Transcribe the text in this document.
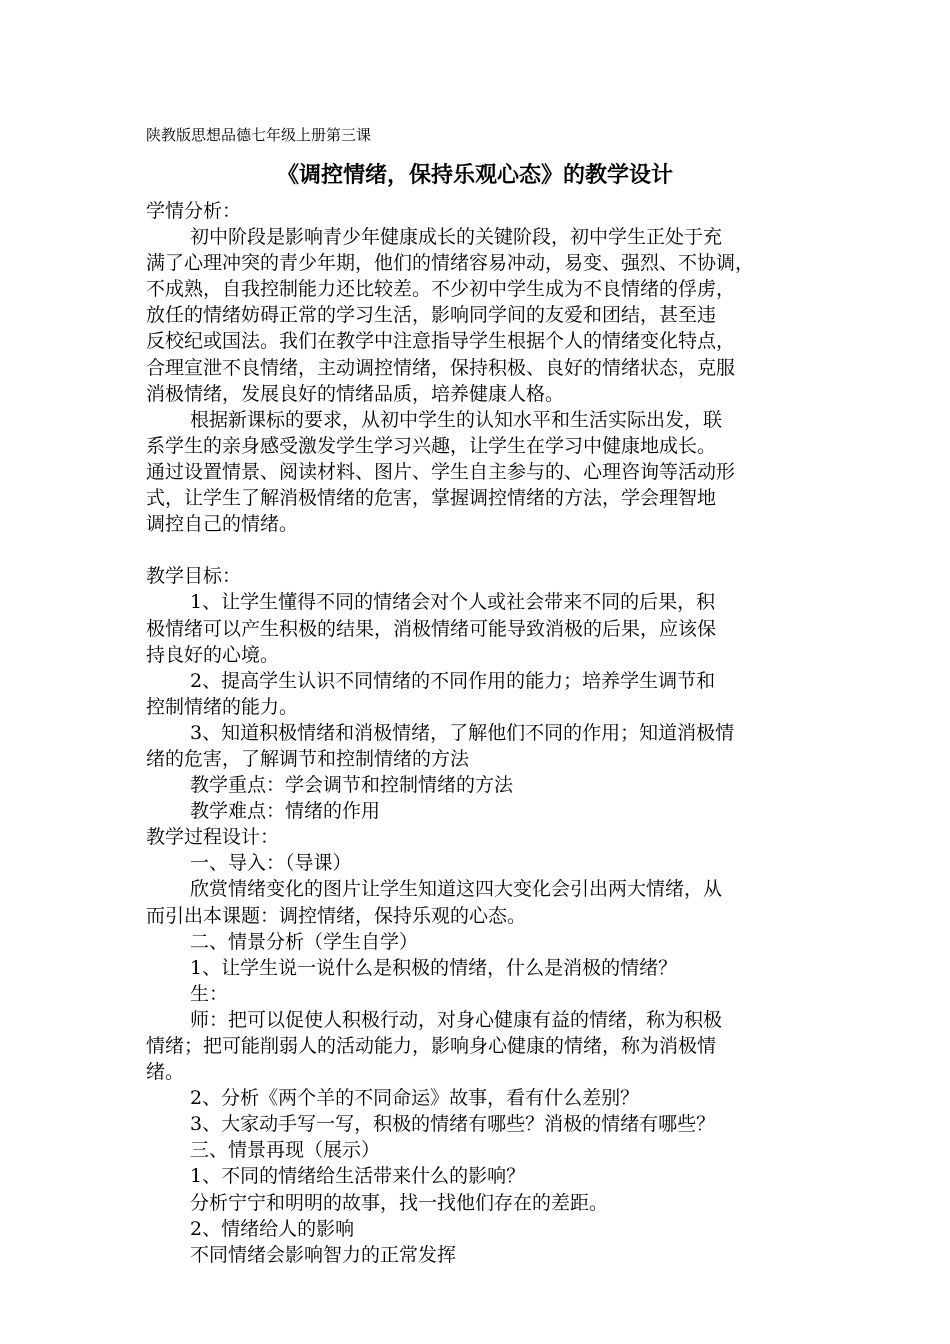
陕教版思想品德七年级上册第三课
《调控情绪，保持乐观心态》的教学设计
学情分析：
初中阶段是影响青少年健康成长的关键阶段，初中学生正处于充
满了心理冲突的青少年期，他们的情绪容易冲动，易变、强烈、不协调，
不成熟，自我控制能力还比较差。不少初中学生成为不良情绪的俘虏，
放任的情绪妨碍正常的学习生活，影响同学间的友爱和团结，甚至违
反校纪或国法。我们在教学中注意指导学生根据个人的情绪变化特点，
合理宣泄不良情绪，主动调控情绪，保持积极、良好的情绪状态，克服
消极情绪，发展良好的情绪品质，培养健康人格。
根据新课标的要求，从初中学生的认知水平和生活实际出发，联
系学生的亲身感受激发学生学习兴趣，让学生在学习中健康地成长。
通过设置情景、阅读材料、图片、学生自主参与的、心理咨询等活动形
式，让学生了解消极情绪的危害，掌握调控情绪的方法，学会理智地
调控自己的情绪。
教学目标：
1、让学生懂得不同的情绪会对个人或社会带来不同的后果，积
极情绪可以产生积极的结果，消极情绪可能导致消极的后果，应该保
持良好的心境。
2、提高学生认识不同情绪的不同作用的能力；培养学生调节和
控制情绪的能力。
3、知道积极情绪和消极情绪，了解他们不同的作用；知道消极情
绪的危害，了解调节和控制情绪的方法
教学重点：学会调节和控制情绪的方法
教学难点：情绪的作用
教学过程设计：
一、导入：（导课）
欣赏情绪变化的图片让学生知道这四大变化会引出两大情绪，从
而引出本课题：调控情绪，保持乐观的心态。
二、情景分析（学生自学）
1、让学生说一说什么是积极的情绪，什么是消极的情绪？
生：
师：把可以促使人积极行动，对身心健康有益的情绪，称为积极
情绪；把可能削弱人的活动能力，影响身心健康的情绪，称为消极情
绪。
2、分析《两个羊的不同命运》故事，看有什么差别？
3、大家动手写一写，积极的情绪有哪些？消极的情绪有哪些？
三、情景再现（展示）
1、不同的情绪给生活带来什么的影响？
分析宁宁和明明的故事，找一找他们存在的差距。
2、情绪给人的影响
不同情绪会影响智力的正常发挥
